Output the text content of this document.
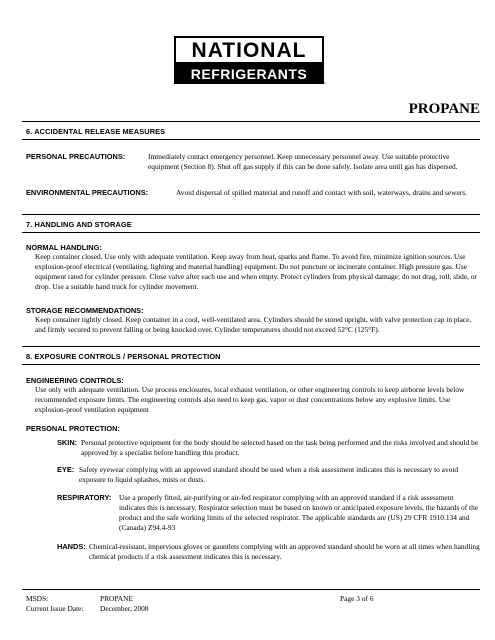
NATIONAL
REFRIGERANTS
INC
PROPANE
6. ACCIDENTAL RELEASE MEASURES
PERSONAL PRECAUTIONS:	Immediately contact emergency personnel. Keep unnecessary personnel away. Use suitable protective equipment (Section 8). Shut off gas supply if this can be done safely. Isolate area until gas has dispersed.
ENVIRONMENTAL PRECAUTIONS:	Avoid dispersal of spilled material and runoff and contact with soil, waterways, drains and sewers.
7. HANDLING AND STORAGE
NORMAL HANDLING:
Keep container closed. Use only with adequate ventilation. Keep away from heat, sparks and flame. To avoid fire, minimize ignition sources. Use explosion-proof electrical (ventilating, lighting and material handling) equipment. Do not puncture or incinerate container. High pressure gas. Use equipment rated for cylinder pressure. Close valve after each use and when empty. Protect cylinders from physical damage; do not drag, roll, slide, or drop. Use a suitable hand truck for cylinder movement.
STORAGE RECOMMENDATIONS:
Keep container tightly closed. Keep container in a cool, well-ventilated area. Cylinders should be stored upright, with valve protection cap in place, and firmly secured to prevent falling or being knocked over. Cylinder temperatures should not exceed 52°C (125°F).
8. EXPOSURE CONTROLS / PERSONAL PROTECTION
ENGINEERING CONTROLS:
Use only with adequate ventilation. Use process enclosures, local exhaust ventilation, or other engineering controls to keep airborne levels below recommended exposure limits. The engineering controls also need to keep gas, vapor or dust concentrations below any explosive limits. Use explosion-proof ventilation equipment
PERSONAL PROTECTION:
SKIN: Personal protective equipment for the body should be selected based on the task being performed and the risks involved and should be approved by a specialist before handling this product.
EYE: Safety eyewear complying with an approved standard should be used when a risk assessment indicates this is necessary to avoid exposure to liquid splashes, mists or dusts.
RESPIRATORY: Use a properly fitted, air-purifying or air-fed respirator complying with an approved standard if a risk assessment indicates this is necessary. Respirator selection must be based on known or anticipated exposure levels, the hazards of the product and the safe working limits of the selected respirator. The applicable standards are (US) 29 CFR 1910.134 and (Canada) Z94.4-93
HANDS: Chemical-resistant, impervious gloves or gauntlets complying with an approved standard should be worn at all times when handling chemical products if a risk assessment indicates this is necessary.
MSDS:	PROPANE	Page 3 of 6
Current Issue Date: December, 2008
